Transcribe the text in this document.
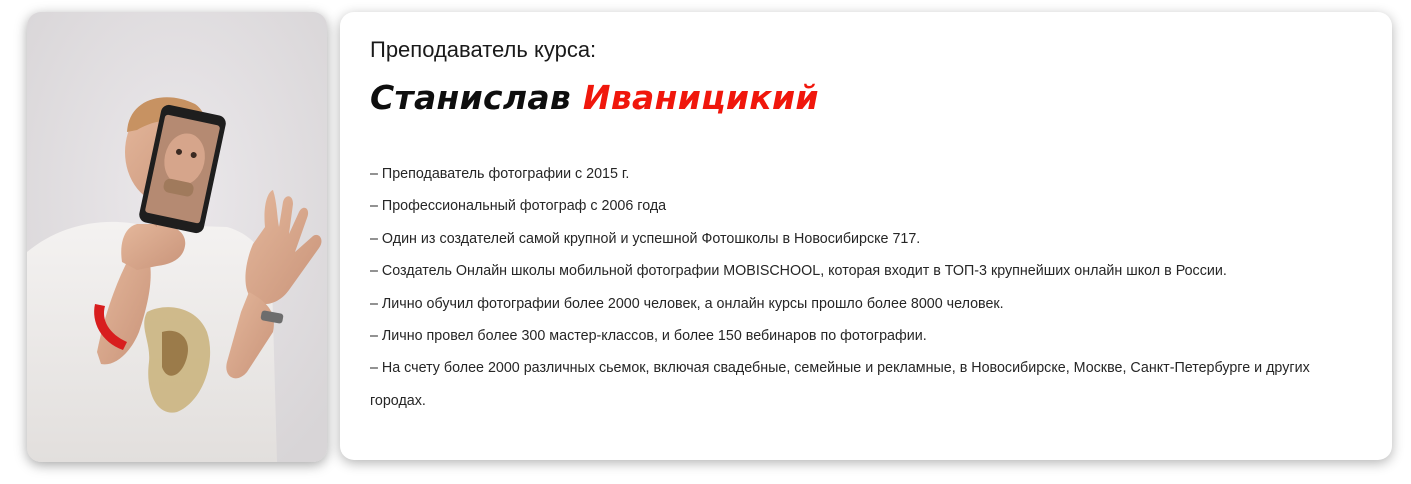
Преподаватель курса:

Станислав Иваницикий
– Преподаватель фотографии с 2015 г.
– Профессиональный фотограф с 2006 года
– Один из создателей самой крупной и успешной Фотошколы в Новосибирске 717.
– Создатель Онлайн школы мобильной фотографии MOBISCHOOL, которая входит в ТОП-3 крупнейших онлайн школ в России.
– Лично обучил фотографии более 2000 человек, а онлайн курсы прошло более 8000 человек.
– Лично провел более 300 мастер-классов, и более 150 вебинаров по фотографии.
– На счету более 2000 различных сьемок, включая свадебные, семейные и рекламные, в Новосибирске, Москве, Санкт-Петербурге и других городах.
